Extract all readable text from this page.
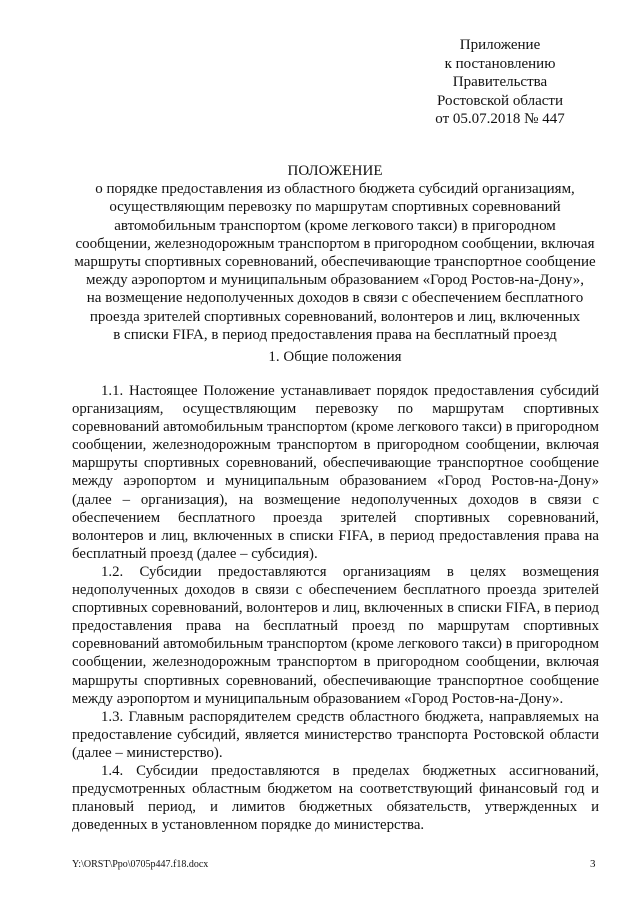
Приложение
к постановлению
Правительства
Ростовской области
от 05.07.2018 № 447
ПОЛОЖЕНИЕ
о порядке предоставления из областного бюджета субсидий организациям,
осуществляющим перевозку по маршрутам спортивных соревнований
автомобильным транспортом (кроме легкового такси) в пригородном
сообщении, железнодорожным транспортом в пригородном сообщении, включая
маршруты спортивных соревнований, обеспечивающие транспортное сообщение
между аэропортом и муниципальным образованием «Город Ростов-на-Дону»,
на возмещение недополученных доходов в связи с обеспечением бесплатного
проезда зрителей спортивных соревнований, волонтеров и лиц, включенных
в списки FIFA, в период предоставления права на бесплатный проезд
1. Общие положения

1.1. Настоящее Положение устанавливает порядок предоставления субсидий организациям, осуществляющим перевозку по маршрутам спортивных соревнований автомобильным транспортом (кроме легкового такси) в пригородном сообщении, железнодорожным транспортом в пригородном сообщении, включая маршруты спортивных соревнований, обеспечивающие транспортное сообщение между аэропортом и муниципальным образованием «Город Ростов-на-Дону» (далее – организация), на возмещение недополученных доходов в связи с обеспечением бесплатного проезда зрителей спортивных соревнований, волонтеров и лиц, включенных в списки FIFA, в период предоставления права на бесплатный проезд (далее – субсидия).

1.2. Субсидии предоставляются организациям в целях возмещения недополученных доходов в связи с обеспечением бесплатного проезда зрителей спортивных соревнований, волонтеров и лиц, включенных в списки FIFA, в период предоставления права на бесплатный проезд по маршрутам спортивных соревнований автомобильным транспортом (кроме легкового такси) в пригородном сообщении, железнодорожным транспортом в пригородном сообщении, включая маршруты спортивных соревнований, обеспечивающие транспортное сообщение между аэропортом и муниципальным образованием «Город Ростов-на-Дону».

1.3. Главным распорядителем средств областного бюджета, направляемых на предоставление субсидий, является министерство транспорта Ростовской области (далее – министерство).

1.4. Субсидии предоставляются в пределах бюджетных ассигнований, предусмотренных областным бюджетом на соответствующий финансовый год и плановый период, и лимитов бюджетных обязательств, утвержденных и доведенных в установленном порядке до министерства.

Y:\ORST\Ppo\0705p447.f18.docx	3
